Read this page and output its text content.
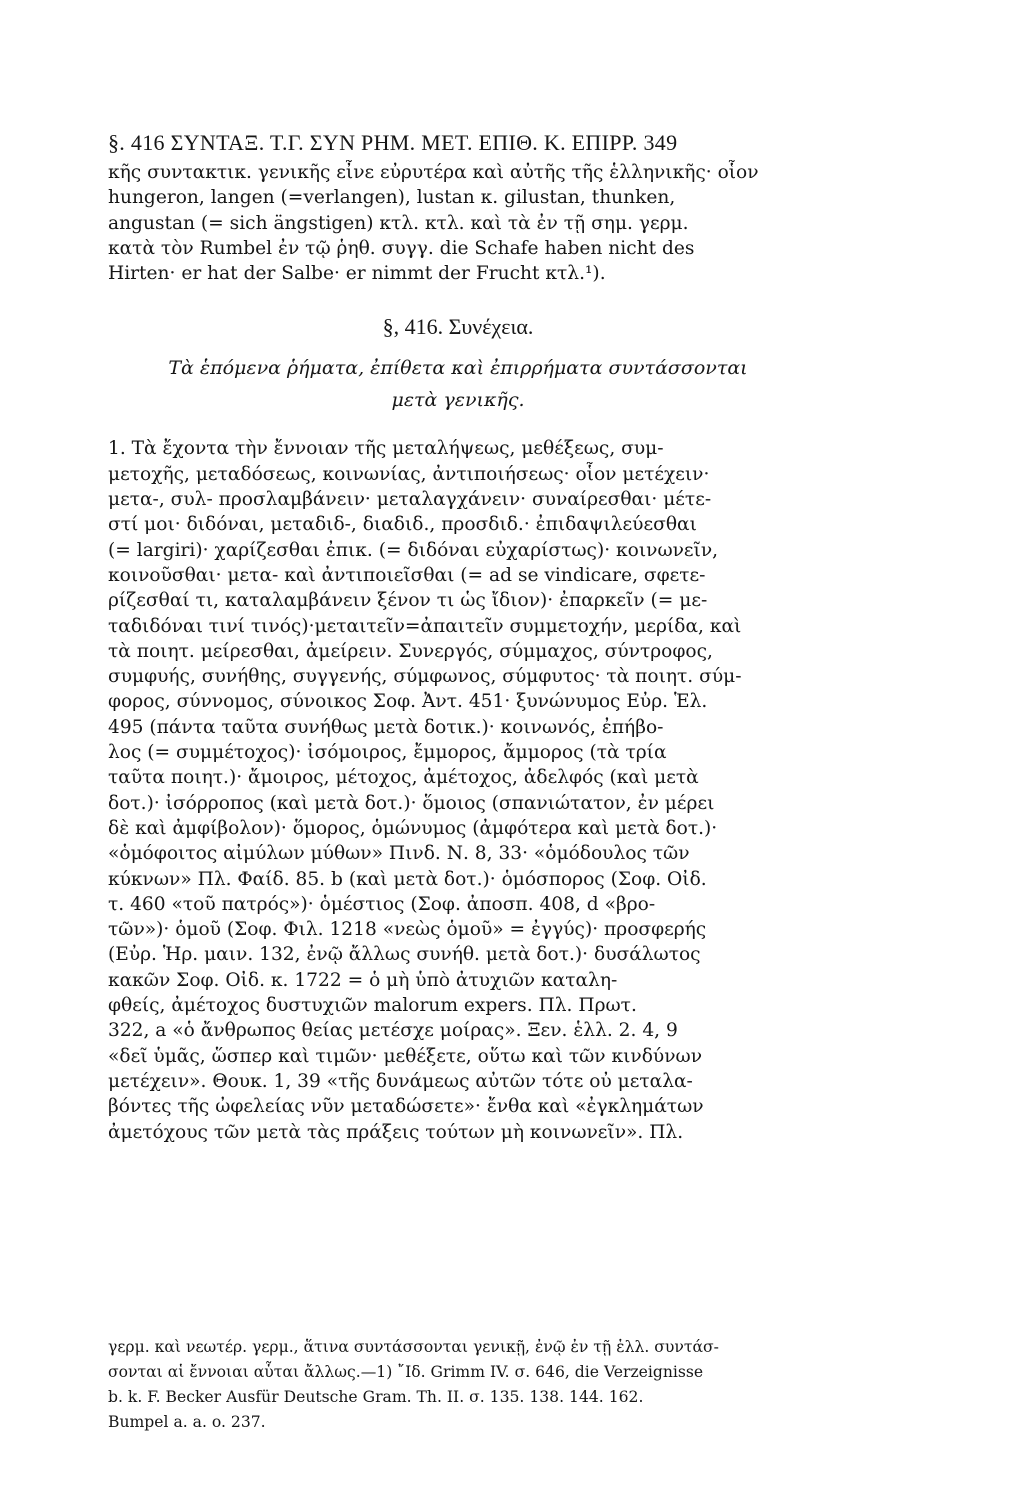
§. 416 ΣΥΝΤΑΞ. Τ.Γ. ΣΥΝ ΡΗΜ. ΜΕΤ. ΕΠΙΘ. Κ. ΕΠΙΡΡ. 349
κῆς συντακτικ. γενικῆς εἶνε εὐρυτέρα καὶ αὐτῆς τῆς ἑλληνικῆς· οἷον
hungeron, langen (=verlangen), lustan κ. gilustan, thunken,
angustan (= sich ängstigen) κτλ. κτλ. καὶ τὰ ἐν τῇ σημ. γερμ.
κατὰ τὸν Rumbel ἐν τῷ ῥηθ. συγγ. die Schafe haben nicht des
Hirten· er hat der Salbe· er nimmt der Frucht κτλ.¹).
§, 416. Συνέχεια.
Τὰ ἑπόμενα ῥήματα, ἐπίθετα καὶ ἐπιρρήματα συντάσσονται
μετὰ γενικῆς.
1. Τὰ ἔχοντα τὴν ἔννοιαν τῆς μεταλήψεως, μεθέξεως, συμ-
μετοχῆς, μεταδόσεως, κοινωνίας, ἀντιποιήσεως· οἷον μετέχειν·
μετα-, συλ- προσλαμβάνειν· μεταλαγχάνειν· συναίρεσθαι· μέτε-
στί μοι· διδόναι, μεταδιδ-, διαδιδ., προσδιδ.· ἐπιδαψιλεύεσθαι
(= largiri)· χαρίζεσθαι ἐπικ. (= διδόναι εὐχαρίστως)· κοινωνεῖν,
κοινοῦσθαι· μετα- καὶ ἀντιποιεῖσθαι (= ad se vindicare, σφετε-
ρίζεσθαί τι, καταλαμβάνειν ξένον τι ὡς ἴδιον)· ἐπαρκεῖν (= με-
ταδιδόναι τινί τινός)·μεταιτεῖν=ἀπαιτεῖν συμμετοχήν, μερίδα, καὶ
τὰ ποιητ. μείρεσθαι, ἀμείρειν. Συνεργός, σύμμαχος, σύντροφος,
συμφυής, συνήθης, συγγενής, σύμφωνος, σύμφυτος· τὰ ποιητ. σύμ-
φορος, σύννομος, σύνοικος Σοφ. Ἀντ. 451· ξυνώνυμος Εὐρ. Ἑλ.
495 (πάντα ταῦτα συνήθως μετὰ δοτικ.)· κοινωνός, ἐπήβο-
λος (= συμμέτοχος)· ἰσόμοιρος, ἔμμορος, ἄμμορος (τὰ τρία
ταῦτα ποιητ.)· ἄμοιρος, μέτοχος, ἀμέτοχος, ἀδελφός (καὶ μετὰ
δοτ.)· ἰσόρροπος (καὶ μετὰ δοτ.)· ὅμοιος (σπανιώτατον, ἐν μέρει
δὲ καὶ ἀμφίβολον)· ὅμορος, ὁμώνυμος (ἀμφότερα καὶ μετὰ δοτ.)·
«ὁμόφοιτος αἰμύλων μύθων» Πινδ. Ν. 8, 33· «ὁμόδουλος τῶν
κύκνων» Πλ. Φαίδ. 85. b (καὶ μετὰ δοτ.)· ὁμόσπορος (Σοφ. Οἰδ.
τ. 460 «τοῦ πατρός»)· ὁμέστιος (Σοφ. ἀποσπ. 408, d «βρο-
τῶν»)· ὁμοῦ (Σοφ. Φιλ. 1218 «νεὼς ὁμοῦ» = ἐγγύς)· προσφερής
(Εὐρ. Ἡρ. μαιν. 132, ἐνῷ ἄλλως συνήθ. μετὰ δοτ.)· δυσάλωτος
κακῶν Σοφ. Οἰδ. κ. 1722 = ὁ μὴ ὑπὸ ἀτυχιῶν καταλη-
φθείς, ἀμέτοχος δυστυχιῶν malorum expers. Πλ. Πρωτ.
322, a «ὁ ἄνθρωπος θείας μετέσχε μοίρας». Ξεν. ἑλλ. 2. 4, 9
«δεῖ ὑμᾶς, ὥσπερ καὶ τιμῶν· μεθέξετε, οὕτω καὶ τῶν κινδύνων
μετέχειν». Θουκ. 1, 39 «τῆς δυνάμεως αὐτῶν τότε οὐ μεταλα-
βόντες τῆς ὠφελείας νῦν μεταδώσετε»· ἔνθα καὶ «ἐγκλημάτων
ἀμετόχους τῶν μετὰ τὰς πράξεις τούτων μὴ κοινωνεῖν». Πλ.
γερμ. καὶ νεωτέρ. γερμ., ἅτινα συντάσσονται γενικῇ, ἐνῷ ἐν τῇ ἑλλ. συντάσ-
σονται αἱ ἔννοιαι αὗται ἄλλως.—1) ῎Ιδ. Grimm IV. σ. 646, die Verzeignisse
b. k. F. Becker Ausfür Deutsche Gram. Th. II. σ. 135. 138. 144. 162.
Bumpel a. a. o. 237.
